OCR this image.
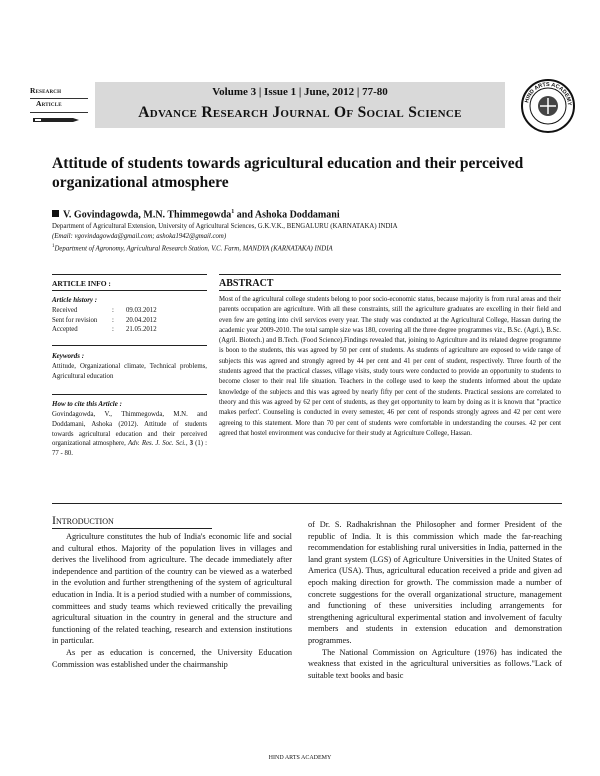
Research
Article
Volume 3 | Issue 1 | June, 2012 | 77-80
Advance Research Journal Of Social Science
HIND ARTS ACADEMY
Attitude of students towards agricultural education and their perceived organizational atmosphere
V. Govindagowda, M.N. Thimmegowda$^1$ and Ashoka Doddamani
Department of Agricultural Extension, University of Agricultural Sciences, G.K.V.K., BENGALURU (KARNATAKA) INDIA
(Email: vgovindagowda@gmail.com; ashoka1942@gmail.com)
$^1$Department of Agronomy, Agricultural Research Station, V.C. Farm, MANDYA (KARNATAKA) INDIA
ARTICLE INFO :
Article history :
Received	:	09.03.2012
Sent for revision	:	20.04.2012
Accepted	:	21.05.2012
Keywords :
Attitude, Organizational climate, Technical problems, Agricultural education
How to cite this Article :
Govindagowda, V., Thimmegowda, M.N. and Doddamani, Ashoka (2012). Attitude of students towards agricultural education and their perceived organizational atmosphere, Adv. Res. J. Soc. Sci., 3 (1) : 77 - 80.
ABSTRACT
Most of the agricultural college students belong to poor socio-economic status, because majority is from rural areas and their parents occupation are agriculture. With all these constraints, still the agriculture graduates are excelling in their field and even few are getting into civil services every year. The study was conducted at the Agricultural College, Hassan during the academic year 2009-2010. The total sample size was 180, covering all the three degree programmes viz., B.Sc. (Agri.), B.Sc. (Agril. Biotech.) and B.Tech. (Food Science).Findings revealed that, joining to Agriculture and its related degree programme is boon to the students, this was agreed by 50 per cent of students. As students of agriculture are exposed to wide range of subjects this was agreed and strongly agreed by 44 per cent and 41 per cent of student, respectively. Three fourth of the students agreed that the practical classes, village visits, study tours were conducted to provide an opportunity to students to become closer to their real life situation. Teachers in the college used to keep the students informed about the update knowledge of the subjects and this was agreed by nearly fifty per cent of the students. Practical sessions are correlated to theory and this was agreed by 62 per cent of students, as they get opportunity to learn by doing as it is known that "practice makes perfect'. Counseling is conducted in every semester, 46 per cent of responds strongly agrees and 42 per cent were agreeing to this statement. More than 70 per cent of students were comfortable in understanding the courses. 42 per cent agreed that hostel environment was conducive for their study at Agriculture College, Hassan.
Introduction

Agriculture constitutes the hub of India's economic life and social and cultural ethos. Majority of the population lives in villages and derives the livelihood from agriculture. The decade immediately after independence and partition of the country can be viewed as a waterbed in the evolution and further strengthening of the system of agricultural education in India. It is a period studied with a number of commissions, committees and study teams which reviewed critically the prevailing agricultural situation in the country in general and the structure and functioning of the related teaching, research and extension institutions in particular.

As per as education is concerned, the University Education Commission was established under the chairmanship

of Dr. S. Radhakrishnan the Philosopher and former President of the republic of India. It is this commission which made the far-reaching recommendation for establishing rural universities in India, patterned in the land grant system (LGS) of Agriculture Universities in the United States of America (USA). Thus, agricultural education received a pride and given ad epoch making direction for growth. The commission made a number of concrete suggestions for the overall organizational structure, management and functioning of these universities including arrangements for strengthening agricultural experimental station and involvement of faculty members and students in extension education and demonstration programmes.

The National Commission on Agriculture (1976) has indicated the weakness that existed in the agricultural universities as follows."Lack of suitable text books and basic

HIND ARTS ACADEMY
